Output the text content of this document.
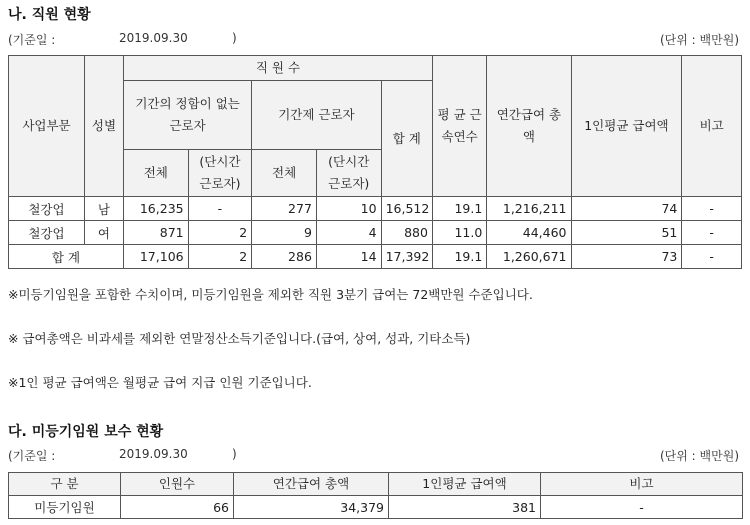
나. 직원 현황
(기준일 :	2019.09.30	)	(단위 : 백만원)
사업부문	성별	직 원 수					평 균 근속연수	연간급여 총 액	1인평균 급여액	비고
		기간의 정함이 없는 근로자		기간제 근로자		합 계				
		전체	(단시간 근로자)	전체	(단시간 근로자)					
철강업	남	16,235	-	277	10	16,512	19.1	1,216,211	74	-
철강업	여	871	2	9	4	880	11.0	44,460	51	-
합 계		17,106	2	286	14	17,392	19.1	1,260,671	73	-
※미등기임원을 포함한 수치이며, 미등기임원을 제외한 직원 3분기 급여는 72백만원 수준입니다.
※ 급여총액은 비과세를 제외한 연말정산소득기준입니다.(급여, 상여, 성과, 기타소득)
※1인 평균 급여액은 월평균 급여 지급 인원 기준입니다.
다. 미등기임원 보수 현황
(기준일 :	2019.09.30	)	(단위 : 백만원)
구 분	인원수	연간급여 총액	1인평균 급여액	비고
미등기임원	66	34,379	381	-
